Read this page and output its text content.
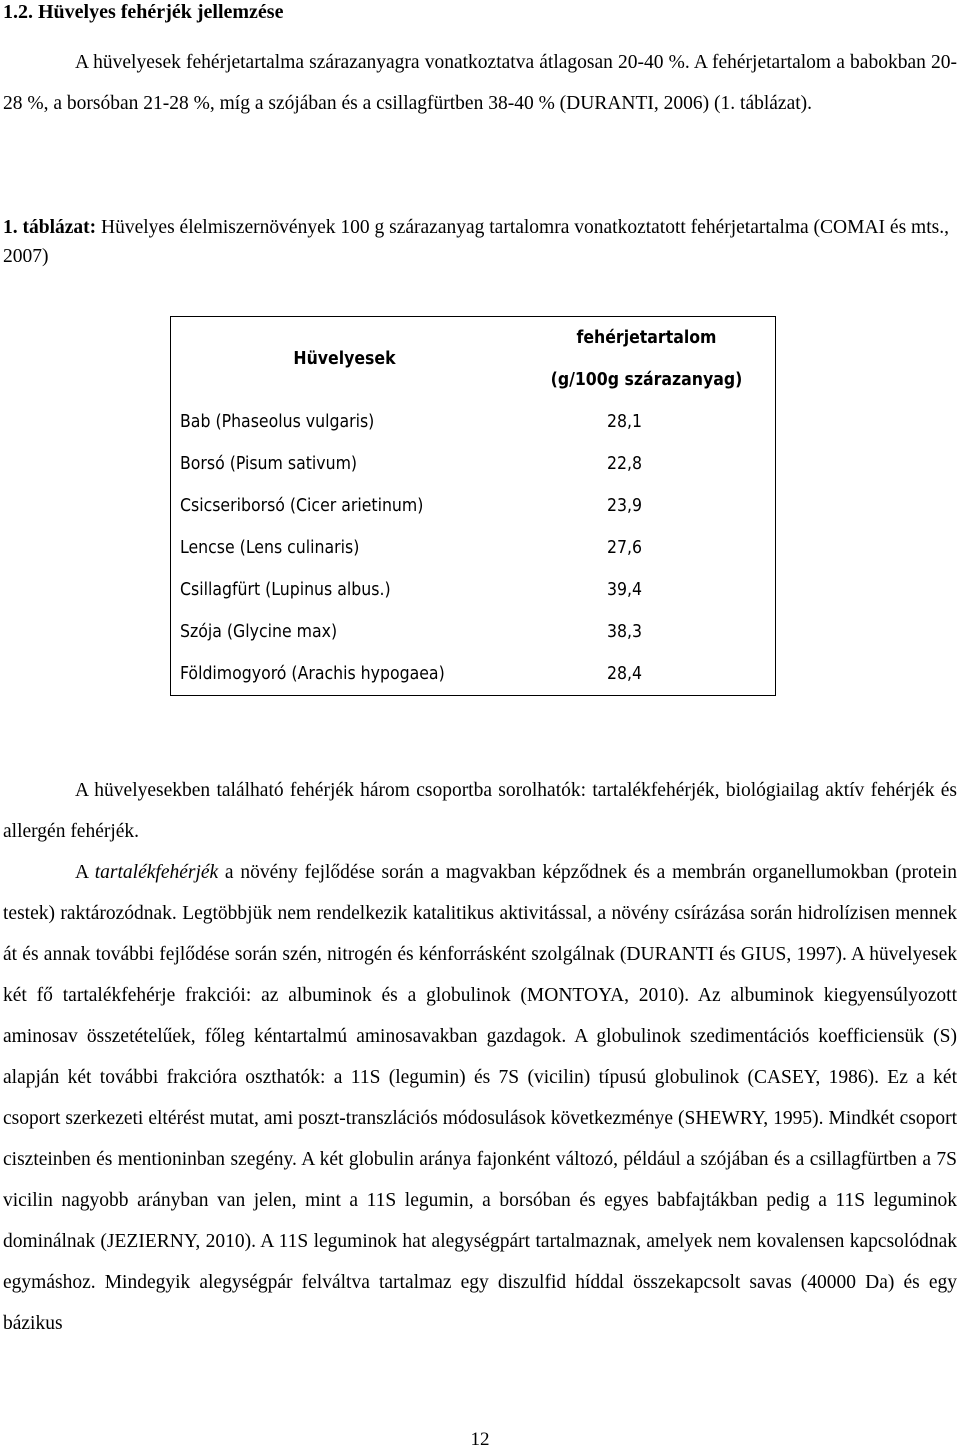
1.2. Hüvelyes fehérjék jellemzése

A hüvelyesek fehérjetartalma szárazanyagra vonatkoztatva átlagosan 20-40 %. A fehérjetartalom a babokban 20-28 %, a borsóban 21-28 %, míg a szójában és a csillagfürtben 38-40 % (DURANTI, 2006) (1. táblázat).

1. táblázat: Hüvelyes élelmiszernövények 100 g szárazanyag tartalomra vonatkoztatott fehérjetartalma (COMAI és mts., 2007)

Hüvelyesek	fehérjetartalom
(g/100g szárazanyag)
Bab (Phaseolus vulgaris)	28,1
Borsó (Pisum sativum)	22,8
Csicseriborsó (Cicer arietinum)	23,9
Lencse (Lens culinaris)	27,6
Csillagfürt (Lupinus albus.)	39,4
Szója (Glycine max)	38,3
Földimogyoró (Arachis hypogaea)	28,4

A hüvelyesekben található fehérjék három csoportba sorolhatók: tartalékfehérjék, biológiailag aktív fehérjék és allergén fehérjék.

A tartalékfehérjék a növény fejlődése során a magvakban képződnek és a membrán organellumokban (protein testek) raktározódnak. Legtöbbjük nem rendelkezik katalitikus aktivitással, a növény csírázása során hidrolízisen mennek át és annak további fejlődése során szén, nitrogén és kénforrásként szolgálnak (DURANTI és GIUS, 1997). A hüvelyesek két fő tartalékfehérje frakciói: az albuminok és a globulinok (MONTOYA, 2010). Az albuminok kiegyensúlyozott aminosav összetételűek, főleg kéntartalmú aminosavakban gazdagok. A globulinok szedimentációs koefficiensük (S) alapján két további frakcióra oszthatók: a 11S (legumin) és 7S (vicilin) típusú globulinok (CASEY, 1986). Ez a két csoport szerkezeti eltérést mutat, ami poszt-transzlációs módosulások következménye (SHEWRY, 1995). Mindkét csoport ciszteinben és mentioninban szegény. A két globulin aránya fajonként változó, például a szójában és a csillagfürtben a 7S vicilin nagyobb arányban van jelen, mint a 11S legumin, a borsóban és egyes babfajtákban pedig a 11S leguminok dominálnak (JEZIERNY, 2010). A 11S leguminok hat alegységpárt tartalmaznak, amelyek nem kovalensen kapcsolódnak egymáshoz. Mindegyik alegységpár felváltva tartalmaz egy diszulfid híddal összekapcsolt savas (40000 Da) és egy bázikus

12
